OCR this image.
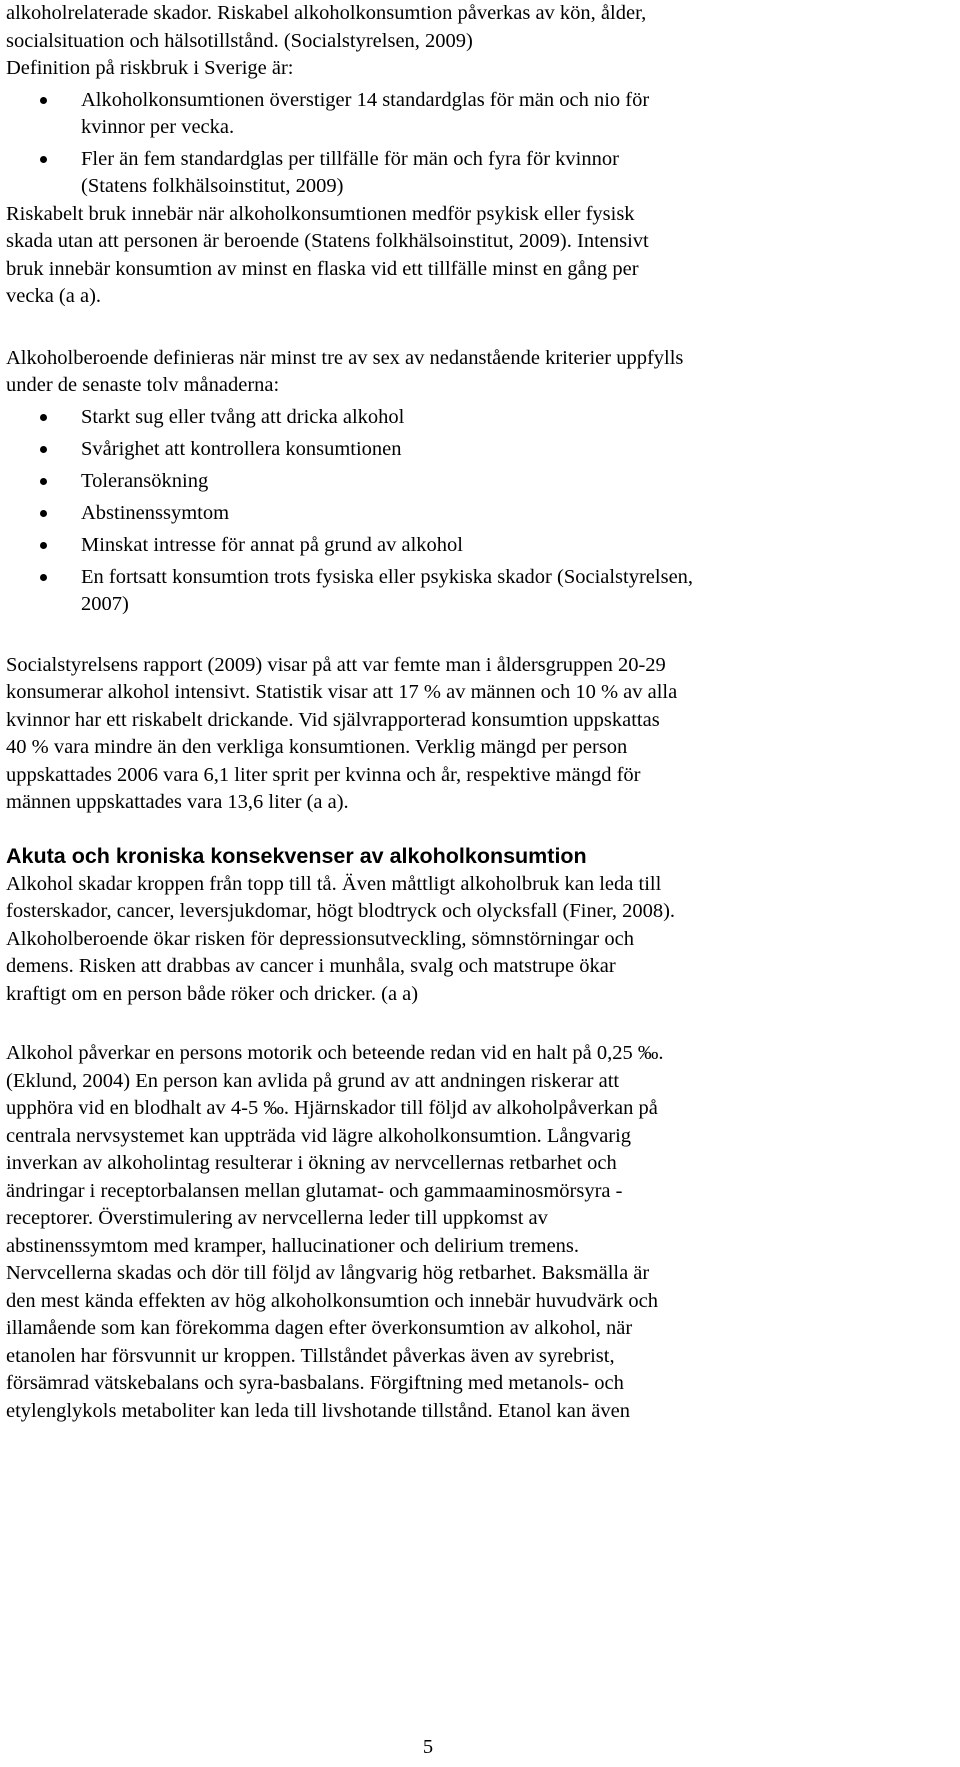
alkoholrelaterade skador. Riskabel alkoholkonsumtion påverkas av kön, ålder,
socialsituation och hälsotillstånd. (Socialstyrelsen, 2009)
Definition på riskbruk i Sverige är:
Alkoholkonsumtionen överstiger 14 standardglas för män och nio för
kvinnor per vecka.
Fler än fem standardglas per tillfälle för män och fyra för kvinnor
(Statens folkhälsoinstitut, 2009)
Riskabelt bruk innebär när alkoholkonsumtionen medför psykisk eller fysisk
skada utan att personen är beroende (Statens folkhälsoinstitut, 2009). Intensivt
bruk innebär konsumtion av minst en flaska vid ett tillfälle minst en gång per
vecka (a a).
Alkoholberoende definieras när minst tre av sex av nedanstående kriterier uppfylls
under de senaste tolv månaderna:
Starkt sug eller tvång att dricka alkohol
Svårighet att kontrollera konsumtionen
Toleransökning
Abstinenssymtom
Minskat intresse för annat på grund av alkohol
En fortsatt konsumtion trots fysiska eller psykiska skador (Socialstyrelsen,
2007)
Socialstyrelsens rapport (2009) visar på att var femte man i åldersgruppen 20-29
konsumerar alkohol intensivt. Statistik visar att 17 % av männen och 10 % av alla
kvinnor har ett riskabelt drickande. Vid självrapporterad konsumtion uppskattas
40 % vara mindre än den verkliga konsumtionen. Verklig mängd per person
uppskattades 2006 vara 6,1 liter sprit per kvinna och år, respektive mängd för
männen uppskattades vara 13,6 liter (a a).
Akuta och kroniska konsekvenser av alkoholkonsumtion
Alkohol skadar kroppen från topp till tå. Även måttligt alkoholbruk kan leda till
fosterskador, cancer, leversjukdomar, högt blodtryck och olycksfall (Finer, 2008).
Alkoholberoende ökar risken för depressionsutveckling, sömnstörningar och
demens. Risken att drabbas av cancer i munhåla, svalg och matstrupe ökar
kraftigt om en person både röker och dricker. (a a)
Alkohol påverkar en persons motorik och beteende redan vid en halt på 0,25 ‰.
(Eklund, 2004) En person kan avlida på grund av att andningen riskerar att
upphöra vid en blodhalt av 4-5 ‰. Hjärnskador till följd av alkoholpåverkan på
centrala nervsystemet kan uppträda vid lägre alkoholkonsumtion. Långvarig
inverkan av alkoholintag resulterar i ökning av nervcellernas retbarhet och
ändringar i receptorbalansen mellan glutamat- och gammaaminosmörsyra -
receptorer. Överstimulering av nervcellerna leder till uppkomst av
abstinenssymtom med kramper, hallucinationer och delirium tremens.
Nervcellerna skadas och dör till följd av långvarig hög retbarhet. Baksmälla är
den mest kända effekten av hög alkoholkonsumtion och innebär huvudvärk och
illamående som kan förekomma dagen efter överkonsumtion av alkohol, när
etanolen har försvunnit ur kroppen. Tillståndet påverkas även av syrebrist,
försämrad vätskebalans och syra-basbalans. Förgiftning med metanols- och
etylenglykols metaboliter kan leda till livshotande tillstånd. Etanol kan även
5
